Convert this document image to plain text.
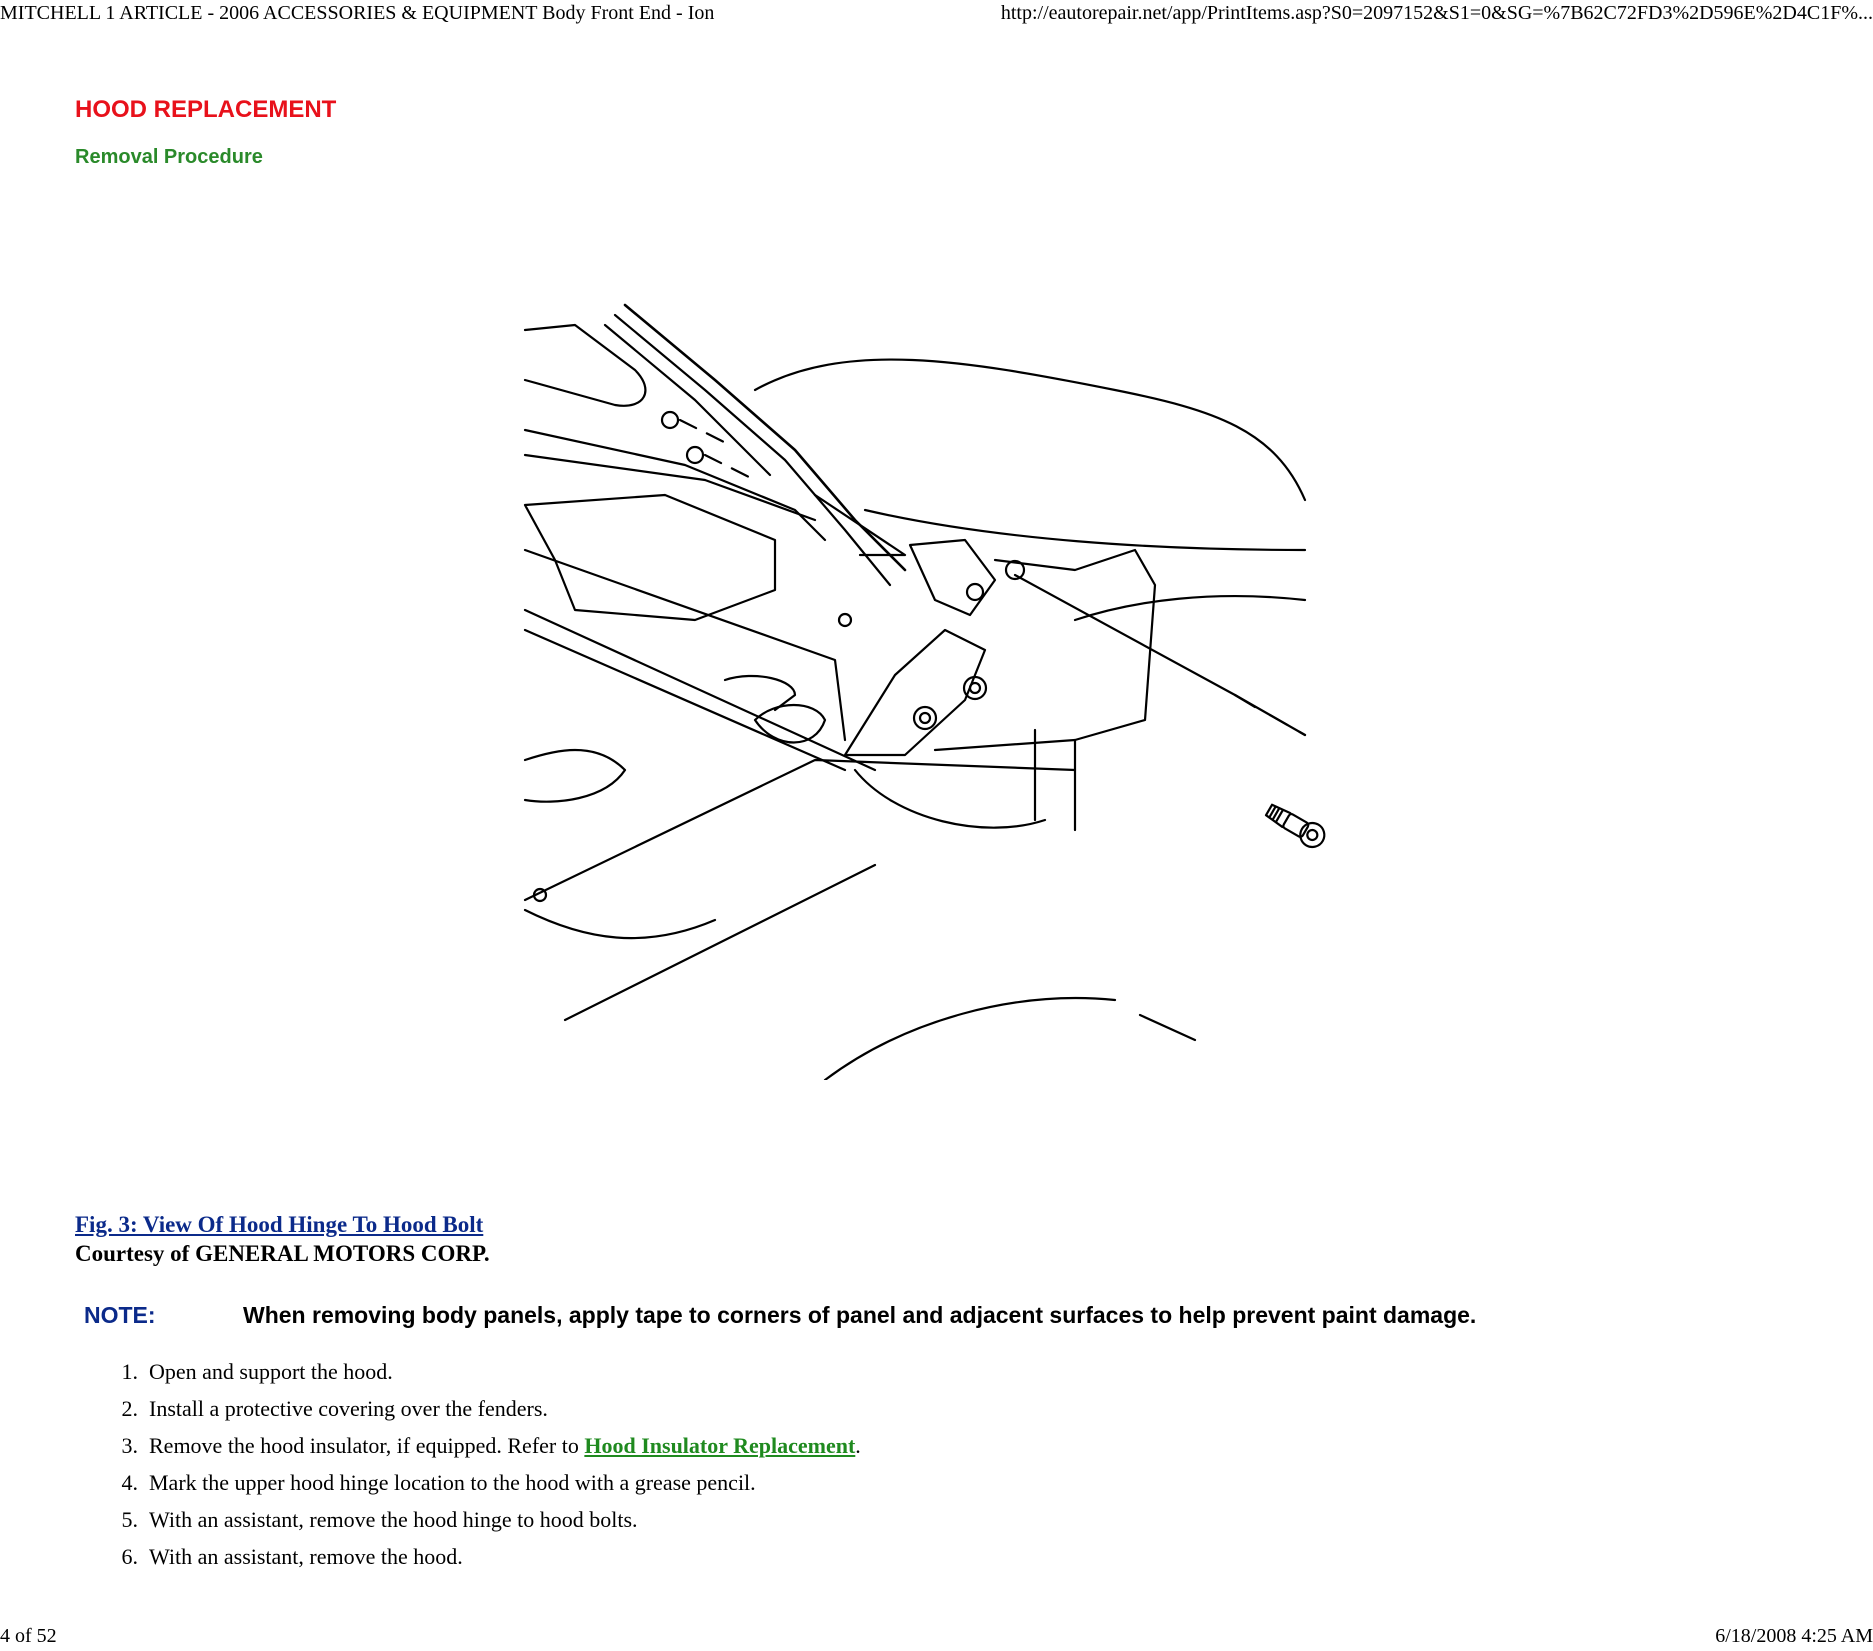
MITCHELL 1 ARTICLE - 2006 ACCESSORIES & EQUIPMENT Body Front End - Ion	http://eautorepair.net/app/PrintItems.asp?S0=2097152&S1=0&SG=%7B62C72FD3%2D596E%2D4C1F%...
HOOD REPLACEMENT
Removal Procedure
Fig. 3: View Of Hood Hinge To Hood Bolt
Courtesy of GENERAL MOTORS CORP.
NOTE:	When removing body panels, apply tape to corners of panel and adjacent surfaces to help prevent paint damage.
1. Open and support the hood.
2. Install a protective covering over the fenders.
3. Remove the hood insulator, if equipped. Refer to Hood Insulator Replacement.
4. Mark the upper hood hinge location to the hood with a grease pencil.
5. With an assistant, remove the hood hinge to hood bolts.
6. With an assistant, remove the hood.
4 of 52	6/18/2008 4:25 AM
